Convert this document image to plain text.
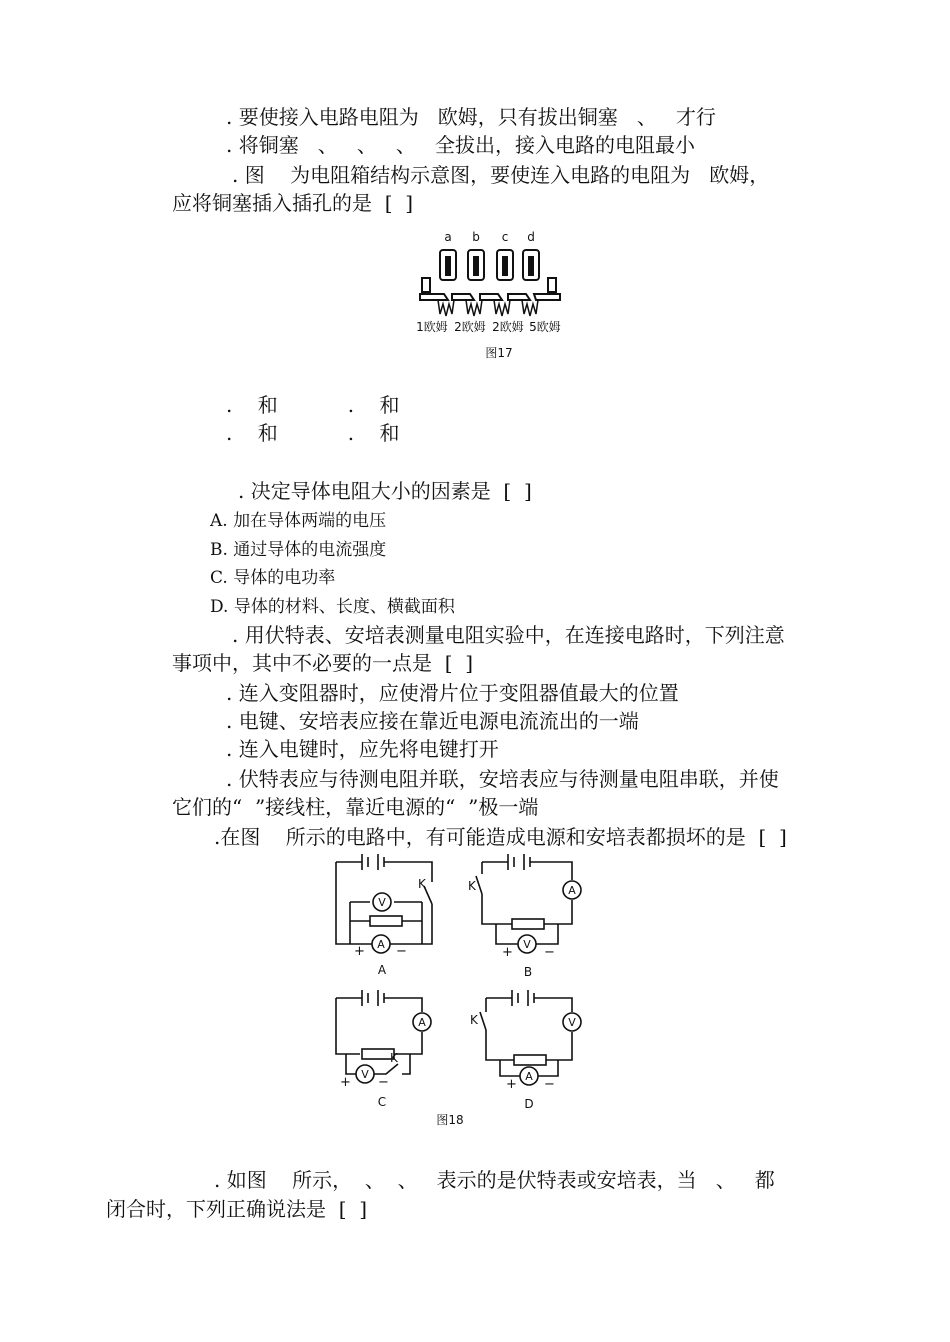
. 要使接入电路电阻为   欧姆，只有拔出铜塞   、   才行
. 将铜塞   、   、   、   全拔出，接入电路的电阻最小
. 图    为电阻箱结构示意图，要使连入电路的电阻为   欧姆，
应将铜塞插入插孔的是  [  ]
a b c d
1欧姆 2欧姆 2欧姆 5欧姆
图17
.    和           .    和
.    和           .    和
. 决定导体电阻大小的因素是  [  ]
A. 加在导体两端的电压
B. 通过导体的电流强度
C. 导体的电功率
D. 导体的材料、长度、横截面积
. 用伏特表、安培表测量电阻实验中，在连接电路时，下列注意
事项中，其中不必要的一点是  [  ]
. 连入变阻器时，应使滑片位于变阻器值最大的位置
. 电键、安培表应接在靠近电源电流流出的一端
. 连入电键时，应先将电键打开
. 伏特表应与待测电阻并联，安培表应与待测量电阻串联，并使
它们的“  ”接线柱，靠近电源的“  ”极一端
.在图    所示的电路中，有可能造成电源和安培表都损坏的是  [  ]
V
A
A
V
A
V
V
A
K	K
K
K
+ −	+ −
+ −	+ −
A	B
C	D
图18
. 如图    所示，  、  、   表示的是伏特表或安培表，当   、   都
闭合时，下列正确说法是  [  ]
